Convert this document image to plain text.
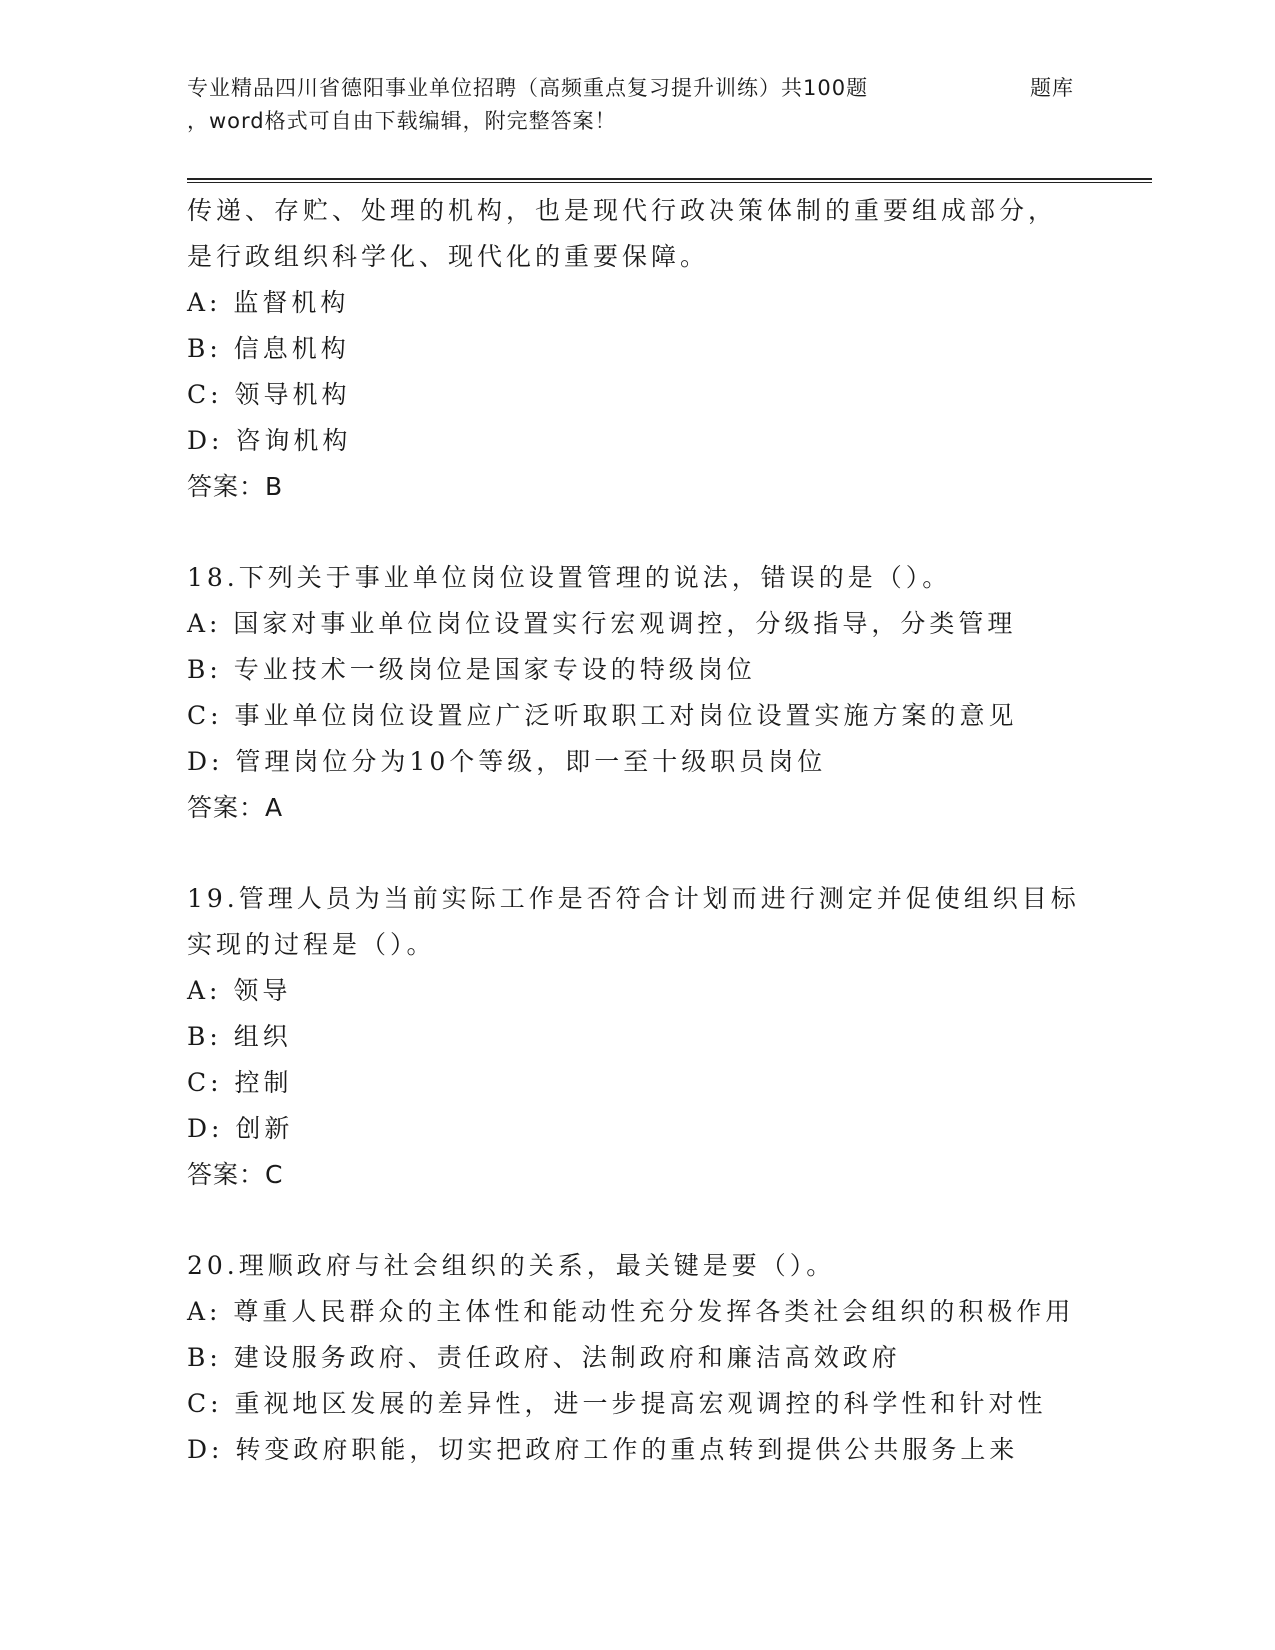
专业精品四川省德阳事业单位招聘（高频重点复习提升训练）共100题	题库
，word格式可自由下载编辑，附完整答案！
传递、存贮、处理的机构，也是现代行政决策体制的重要组成部分，
是行政组织科学化、现代化的重要保障。
A: 监督机构
B: 信息机构
C: 领导机构
D: 咨询机构
答案：B
18.下列关于事业单位岗位设置管理的说法，错误的是（）。
A: 国家对事业单位岗位设置实行宏观调控，分级指导，分类管理
B: 专业技术一级岗位是国家专设的特级岗位
C: 事业单位岗位设置应广泛听取职工对岗位设置实施方案的意见
D: 管理岗位分为10个等级，即一至十级职员岗位
答案：A
19.管理人员为当前实际工作是否符合计划而进行测定并促使组织目标
实现的过程是（）。
A: 领导
B: 组织
C: 控制
D: 创新
答案：C
20.理顺政府与社会组织的关系，最关键是要（）。
A: 尊重人民群众的主体性和能动性充分发挥各类社会组织的积极作用
B: 建设服务政府、责任政府、法制政府和廉洁高效政府
C: 重视地区发展的差异性，进一步提高宏观调控的科学性和针对性
D: 转变政府职能，切实把政府工作的重点转到提供公共服务上来
